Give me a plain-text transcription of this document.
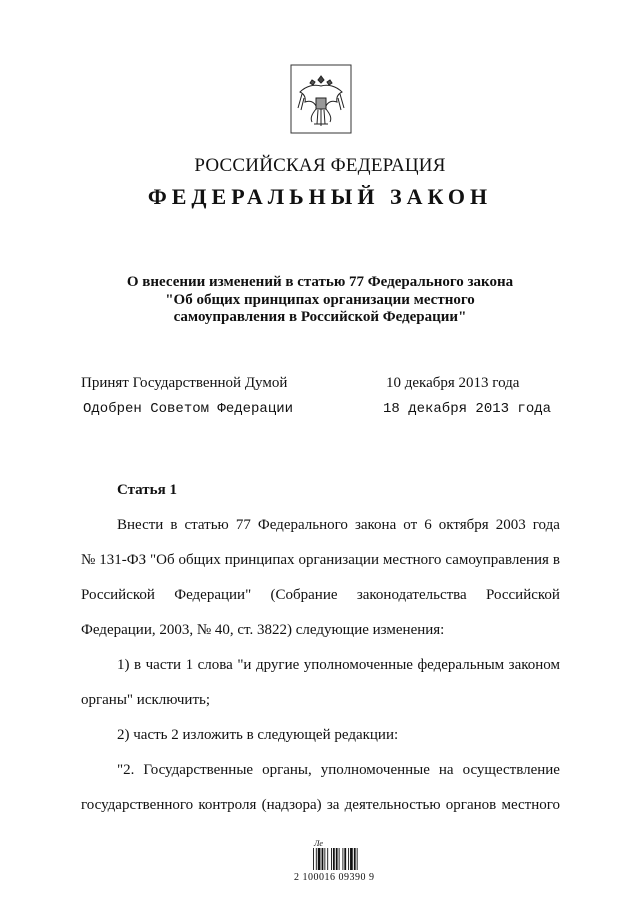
РОССИЙСКАЯ ФЕДЕРАЦИЯ
ФЕДЕРАЛЬНЫЙ ЗАКОН
О внесении изменений в статью 77 Федерального закона
"Об общих принципах организации местного
самоуправления в Российской Федерации"
Принят Государственной Думой	10 декабря 2013 года
Одобрен Советом Федерации	18 декабря 2013 года
Статья 1
Внести в статью 77 Федерального закона от 6 октября 2003 года
№ 131-ФЗ "Об общих принципах организации местного самоуправления в
Российской Федерации" (Собрание законодательства Российской
Федерации, 2003, № 40, ст. 3822) следующие изменения:
1) в части 1 слова "и другие уполномоченные федеральным законом
органы" исключить;
2) часть 2 изложить в следующей редакции:
"2. Государственные органы, уполномоченные на осуществление
государственного контроля (надзора) за деятельностью органов местного
Ле
2 100016 09390 9
